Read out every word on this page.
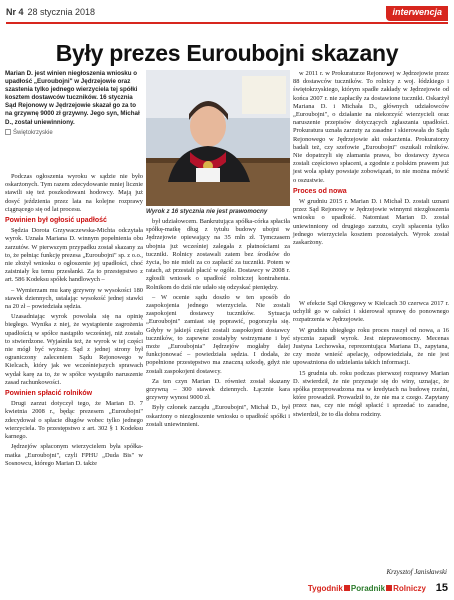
Nr 4 28 stycznia 2018	interwencja
Były prezes Euroubojni skazany
Marian D. jest winien niegłoszenia wniosku o upadłość „Euroubojni" w Jędrzejowie oraz szastenia tylko jednego wierzyciela tej spółki kosztem dostawców tuczników. 16 stycznia Sąd Rejonowy w Jędrzejowie skazał go za to na grzywnę 9000 zł grzywny. Jego syn, Michał D., został uniewinniony.
Świętokrzyskie
Wyrok z 16 stycznia nie jest prawomocny

Podczas ogłoszenia wyroku w sądzie nie było oskarżonych. Tym razem zdecydowanie mniej licznie stawili się też poszkodowani hodowcy. Mają już dosyć jeździenia przez lata na kolejne rozprawy ciągnącego się od lat procesu.

Powinien był ogłosić upadłość

Sędzia Dorota Grzywaczewska-Michta odczytała wyrok. Uznała Mariana D. winnym popełnienia obu zarzutów. W pierwszym przypadku został skazany za to, że pełniąc funkcję prezesa „Euroubojni" sp. z o.o., nie złożył wniosku o ogłoszenie jej upadłości, choć zaistniały ku temu przesłanki. Za to przestępstwo z art. 586 Kodeksu spółek handlowych –

– Wymierzam mu karę grzywny w wysokości 180 stawek dziennych, ustalając wysokość jednej stawki na 20 zł – powiedziała sędzia.

Uzasadniając wyrok powołała się na opinię biegłego. Wynika z niej, że wystąpienie zagrożenia upadłością w spółce nastąpiło wcześniej, niż zostało to stwierdzone. Wyjaśniła też, że wyrok w tej części nie mógł być wyższy. Sąd z jednej strony był ograniczony zaleceniem Sądu Rejonowego w Kielcach, który jak we wcześniejszych sprawach wydał karę za to, że w spółce wystąpiło naruszenie zasad rachunkowości.

Powinien spłacić rolników

Drugi zarzut dotyczył tego, że Marian D. 7 kwietnia 2008 r., będąc prezesem „Euroubojni" zdecydował o spłacie długów wobec tylko jednego wierzyciela. To przestępstwo z art. 302 § 1 Kodeksu karnego.

Jędrzejów spłaconym wierzycielem była spółka-matka „Euroubojni", czyli FPHU „Duda Bis" w Sosnowcu, którego Marian D. także

był udziałowcem. Bankrutująca spółka-córka spłaciła spółkę-matkę dług z tytułu budowy ubojni w Jędrzejowie opiewający na 35 mln zł. Tymczasem ubojnia już wcześniej zalegała z płatnościami za tuczniki. Rolnicy zostawali zatem bez środków do życia, bo nie mieli za co zapłacić za tuczniki. Potem w ratach, aż przestali płacić w ogóle. Dostawcy w 2008 r. zgłosili wniosek o upadłość rolniczej kontrahenta. Rolnikom do dziś nie udało się odzyskać pieniędzy.

– W ocenie sądu doszło w ten sposób do zaspokojenia jednego wierzyciela. Nie zostali zaspokojeni dostawcy tuczników. Sytuacja „Euroubojni" zamiast się poprawić, pogorszyła się. Gdyby w jakiejś części zostali zaspokojeni dostawcy tuczników, to zapewne zostałyby wstrzymane i być może „Euroubojnia" Jędrzejów mogłaby dalej funkcjonować – powiedziała sędzia. I dodała, że popełnione przestępstwo ma znaczną szkodę, gdyż nie zostali zaspokojeni dostawcy.

Za ten czyn Marian D. również został skazany grzywną – 300 stawek dziennych. Łącznie kara grzywny wynosi 9000 zł.

Były członek zarządu „Euroubojni", Michał D., był oskarżony o niezgłoszenie wniosku o upadłość spółki i zostali uniewinnieni.

w 2011 r. w Prokuraturze Rejonowej w Jędrzejowie przez 88 dostawców tuczników. To rolnicy z woj. łódzkiego i świętokrzyskiego, którym spadłe zakłady w Jędrzejowie od końca 2007 r. nie zapłaciły za dostawione tuczniki. Oskarżył Mariana D. i Michała D., głównych udziałowców „Euroubojni", o działanie na niekorzyść wierzycieli oraz naruszenie przepisów dotyczących zgłaszania upadłości. Prokuratura uznała zarzuty za zasadne i skierowała do Sądu Rejonowego w Jędrzejowie akt oskarżenia. Prokuratorzy badali też, czy szefowie „Euroubojni" oszukali rolników. Nie dopatrzyli się złamania prawa, bo dostawcy żywca zostali częściowo spłaceni, a zgodnie z polskim prawem już jest wola spłaty powstaje zobowiązań, to nie można mówić o oszustwie.

Proces od nowa

W grudniu 2015 r. Marian D. i Michał D. zostali uznani przez Sąd Rejonowy w Jędrzejowie winnymi niezgłoszenia wniosku o upadłość. Natomiast Marian D. został uniewinniony od drugiego zarzutu, czyli spłacenia tylko jednego wierzyciela kosztem pozostałych. Wyrok został zaskarżony.

W efekcie Sąd Okręgowy w Kielcach 30 czerwca 2017 r. uchylił go w całości i skierował sprawę do ponownego rozpatrzenia w Jędrzejowie.

W grudniu ubiegłego roku proces ruszył od nowa, a 16 stycznia zapadł wyrok. Jest nieprawomocny. Mecenas Justyna Lechowska, reprezentująca Mariana D., zapytana, czy może wnieść apelację, odpowiedziała, że nie jest upoważniona do udzielania takich informacji.

15 grudnia ub. roku podczas pierwszej rozprawy Marian D. stwierdził, że nie przyznaje się do winy, uznając, że spółka przeprowadzona ma w kredytach na budowę rzeźni, które prowadził. Prowadził to, że nie ma z czego. Zapytany przez nas, czy nie mógł spłacić i sprzedać to zaradne, stwierdził, że to dla dobra rodziny.

Krzysztof Janisławski
Tygodnik Poradnik Rolniczy 15
